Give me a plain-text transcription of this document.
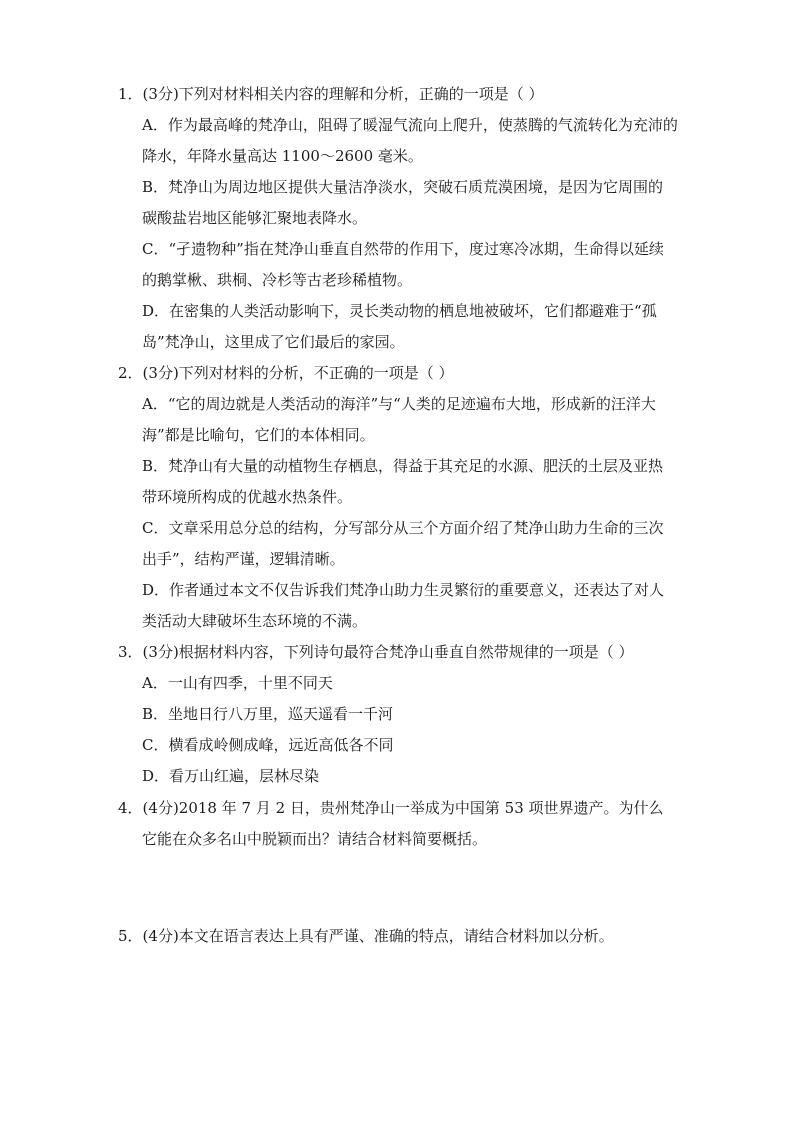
1．(3分)下列对材料相关内容的理解和分析，正确的一项是（ ）

A．作为最高峰的梵净山，阻碍了暖湿气流向上爬升，使蒸腾的气流转化为充沛的降水，年降水量高达 1100～2600 毫米。
B．梵净山为周边地区提供大量洁净淡水，突破石质荒漠困境，是因为它周围的碳酸盐岩地区能够汇聚地表降水。
C．“孑遗物种”指在梵净山垂直自然带的作用下，度过寒冷冰期，生命得以延续的鹅掌楸、珙桐、冷杉等古老珍稀植物。
D．在密集的人类活动影响下，灵长类动物的栖息地被破坏，它们都避难于“孤岛”梵净山，这里成了它们最后的家园。

2．(3分)下列对材料的分析，不正确的一项是（ ）

A．“它的周边就是人类活动的海洋”与“人类的足迹遍布大地，形成新的汪洋大海”都是比喻句，它们的本体相同。
B．梵净山有大量的动植物生存栖息，得益于其充足的水源、肥沃的土层及亚热带环境所构成的优越水热条件。
C．文章采用总分总的结构，分写部分从三个方面介绍了梵净山助力生命的三次出手”，结构严谨，逻辑清晰。
D．作者通过本文不仅告诉我们梵净山助力生灵繁衍的重要意义，还表达了对人类活动大肆破坏生态环境的不满。

3．(3分)根据材料内容，下列诗句最符合梵净山垂直自然带规律的一项是（ ）

A．一山有四季，十里不同天
B．坐地日行八万里，巡天遥看一千河
C．横看成岭侧成峰，远近高低各不同
D．看万山红遍，层林尽染

4．(4分)2018 年 7 月 2 日，贵州梵净山一举成为中国第 53 项世界遗产。为什么它能在众多名山中脱颖而出？请结合材料简要概括。

5．(4分)本文在语言表达上具有严谨、准确的特点，请结合材料加以分析。
